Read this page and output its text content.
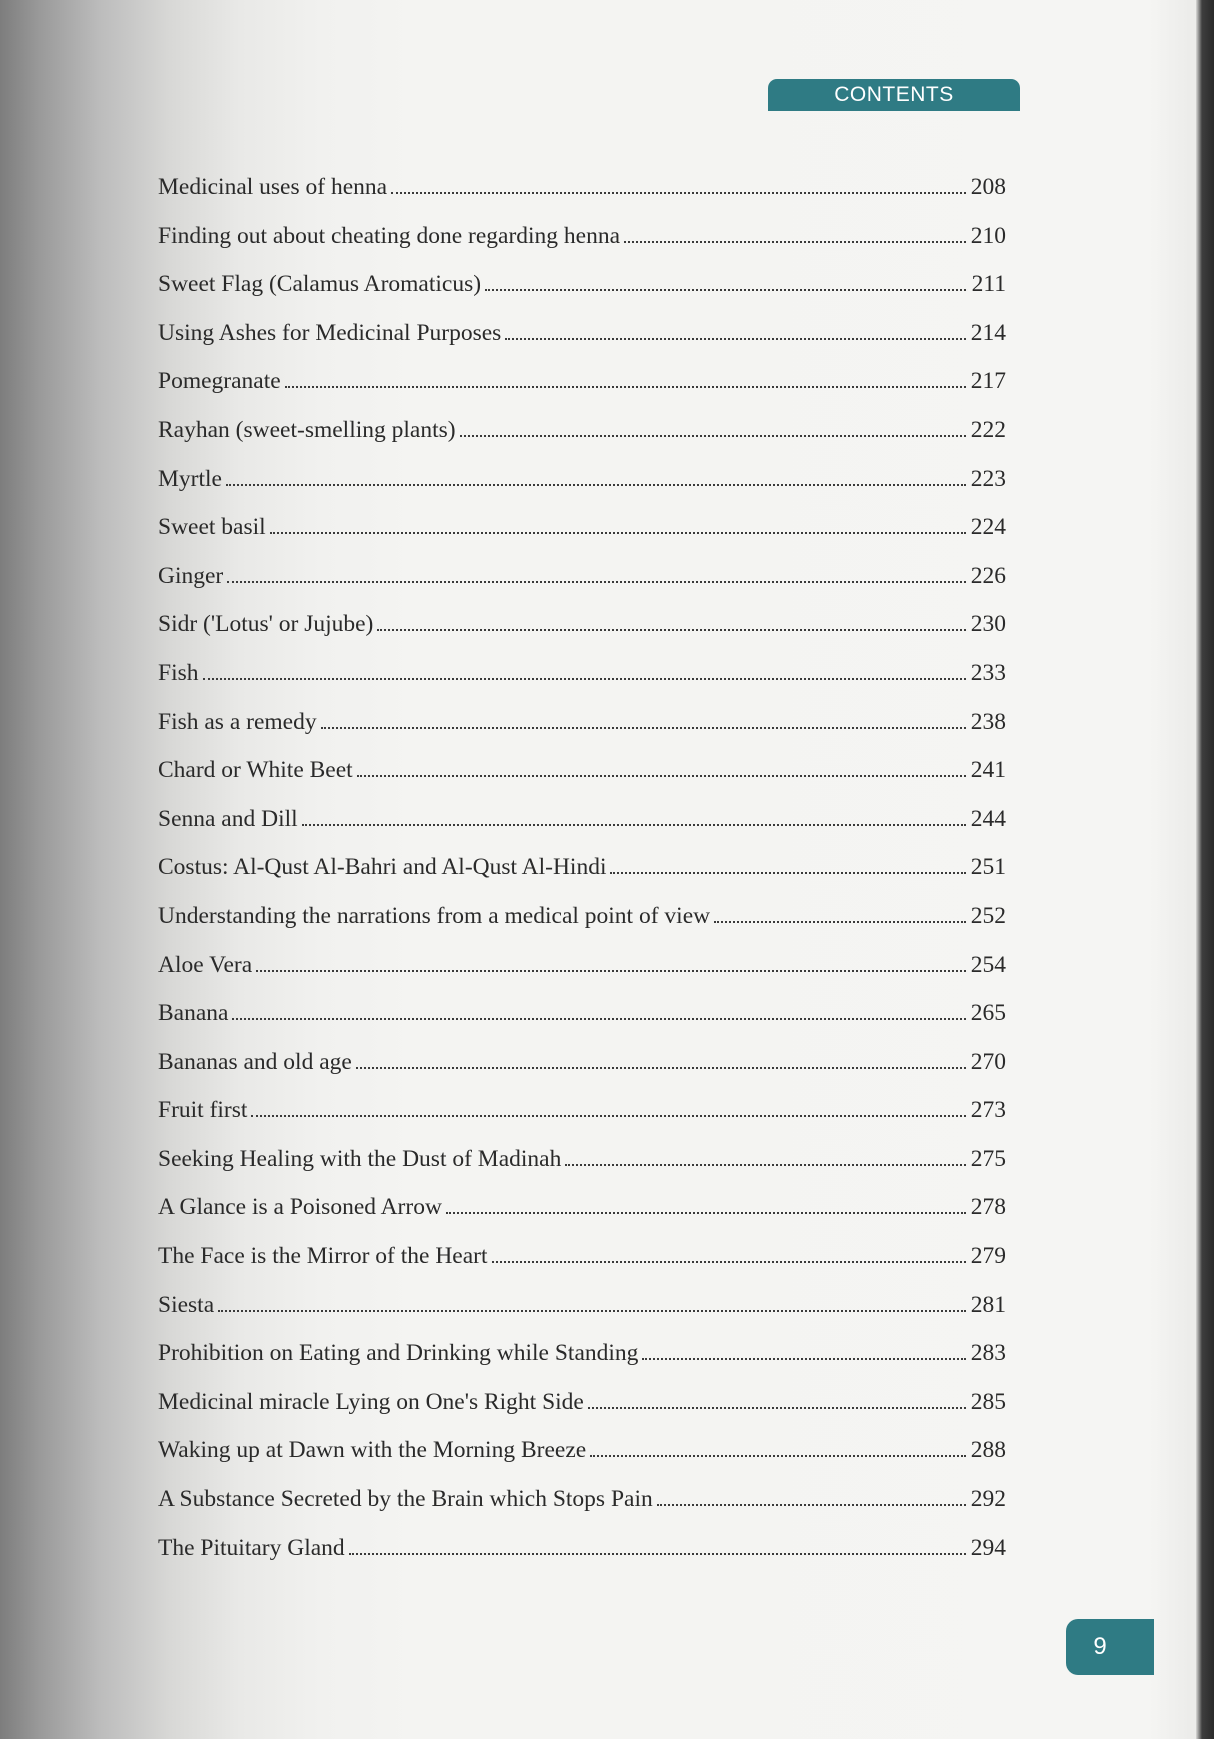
CONTENTS
Medicinal uses of henna	208
Finding out about cheating done regarding henna	210
Sweet Flag (Calamus Aromaticus)	211
Using Ashes for Medicinal Purposes	214
Pomegranate	217
Rayhan (sweet-smelling plants)	222
Myrtle	223
Sweet basil	224
Ginger	226
Sidr ('Lotus' or Jujube)	230
Fish	233
Fish as a remedy	238
Chard or White Beet	241
Senna and Dill	244
Costus: Al-Qust Al-Bahri and Al-Qust Al-Hindi	251
Understanding the narrations from a medical point of view	252
Aloe Vera	254
Banana	265
Bananas and old age	270
Fruit first	273
Seeking Healing with the Dust of Madinah	275
A Glance is a Poisoned Arrow	278
The Face is the Mirror of the Heart	279
Siesta	281
Prohibition on Eating and Drinking while Standing	283
Medicinal miracle Lying on One's Right Side	285
Waking up at Dawn with the Morning Breeze	288
A Substance Secreted by the Brain which Stops Pain	292
The Pituitary Gland	294
9
